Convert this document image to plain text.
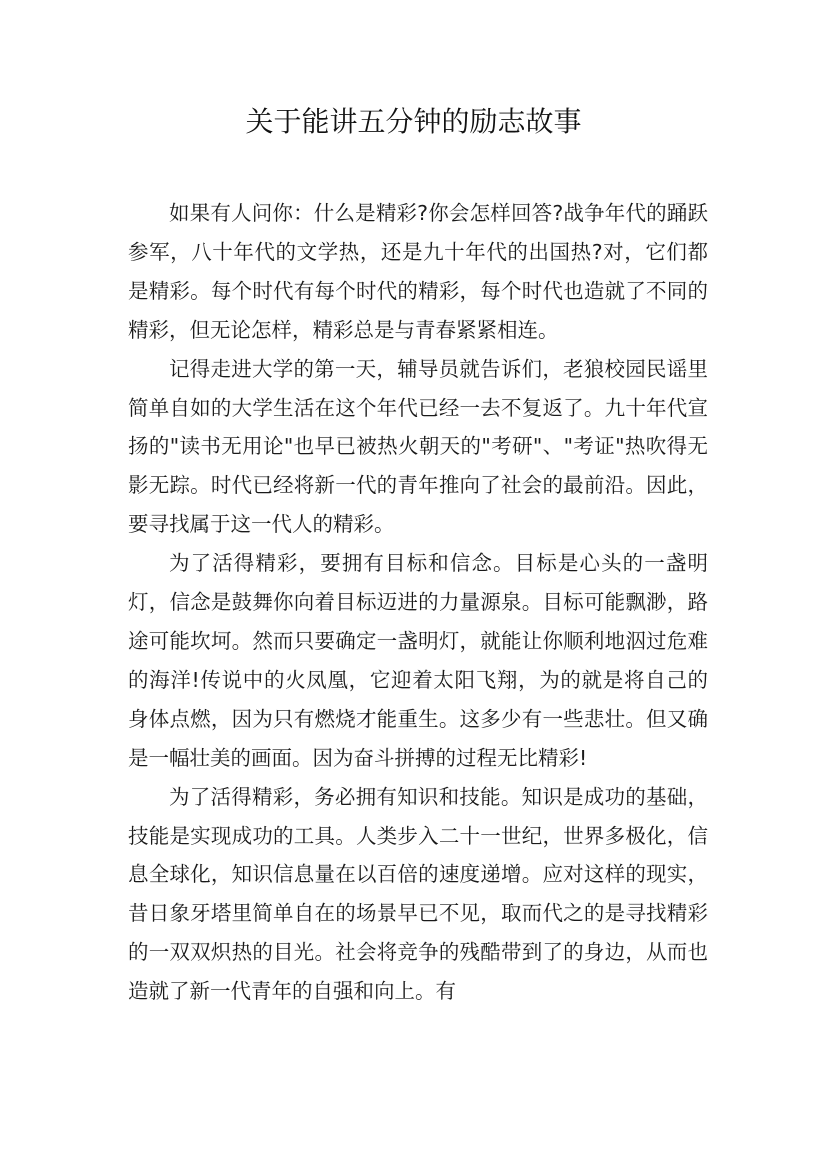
关于能讲五分钟的励志故事

如果有人问你：什么是精彩?你会怎样回答?战争年代的踊跃参军，八十年代的文学热，还是九十年代的出国热?对，它们都是精彩。每个时代有每个时代的精彩，每个时代也造就了不同的精彩，但无论怎样，精彩总是与青春紧紧相连。

记得走进大学的第一天，辅导员就告诉们，老狼校园民谣里简单自如的大学生活在这个年代已经一去不复返了。九十年代宣扬的"读书无用论"也早已被热火朝天的"考研"、"考证"热吹得无影无踪。时代已经将新一代的青年推向了社会的最前沿。因此，要寻找属于这一代人的精彩。

为了活得精彩，要拥有目标和信念。目标是心头的一盏明灯，信念是鼓舞你向着目标迈进的力量源泉。目标可能飘渺，路途可能坎坷。然而只要确定一盏明灯，就能让你顺利地泅过危难的海洋!传说中的火凤凰，它迎着太阳飞翔，为的就是将自己的身体点燃，因为只有燃烧才能重生。这多少有一些悲壮。但又确是一幅壮美的画面。因为奋斗拼搏的过程无比精彩!

为了活得精彩，务必拥有知识和技能。知识是成功的基础，技能是实现成功的工具。人类步入二十一世纪，世界多极化，信息全球化，知识信息量在以百倍的速度递增。应对这样的现实，昔日象牙塔里简单自在的场景早已不见，取而代之的是寻找精彩的一双双炽热的目光。社会将竞争的残酷带到了的身边，从而也造就了新一代青年的自强和向上。有
